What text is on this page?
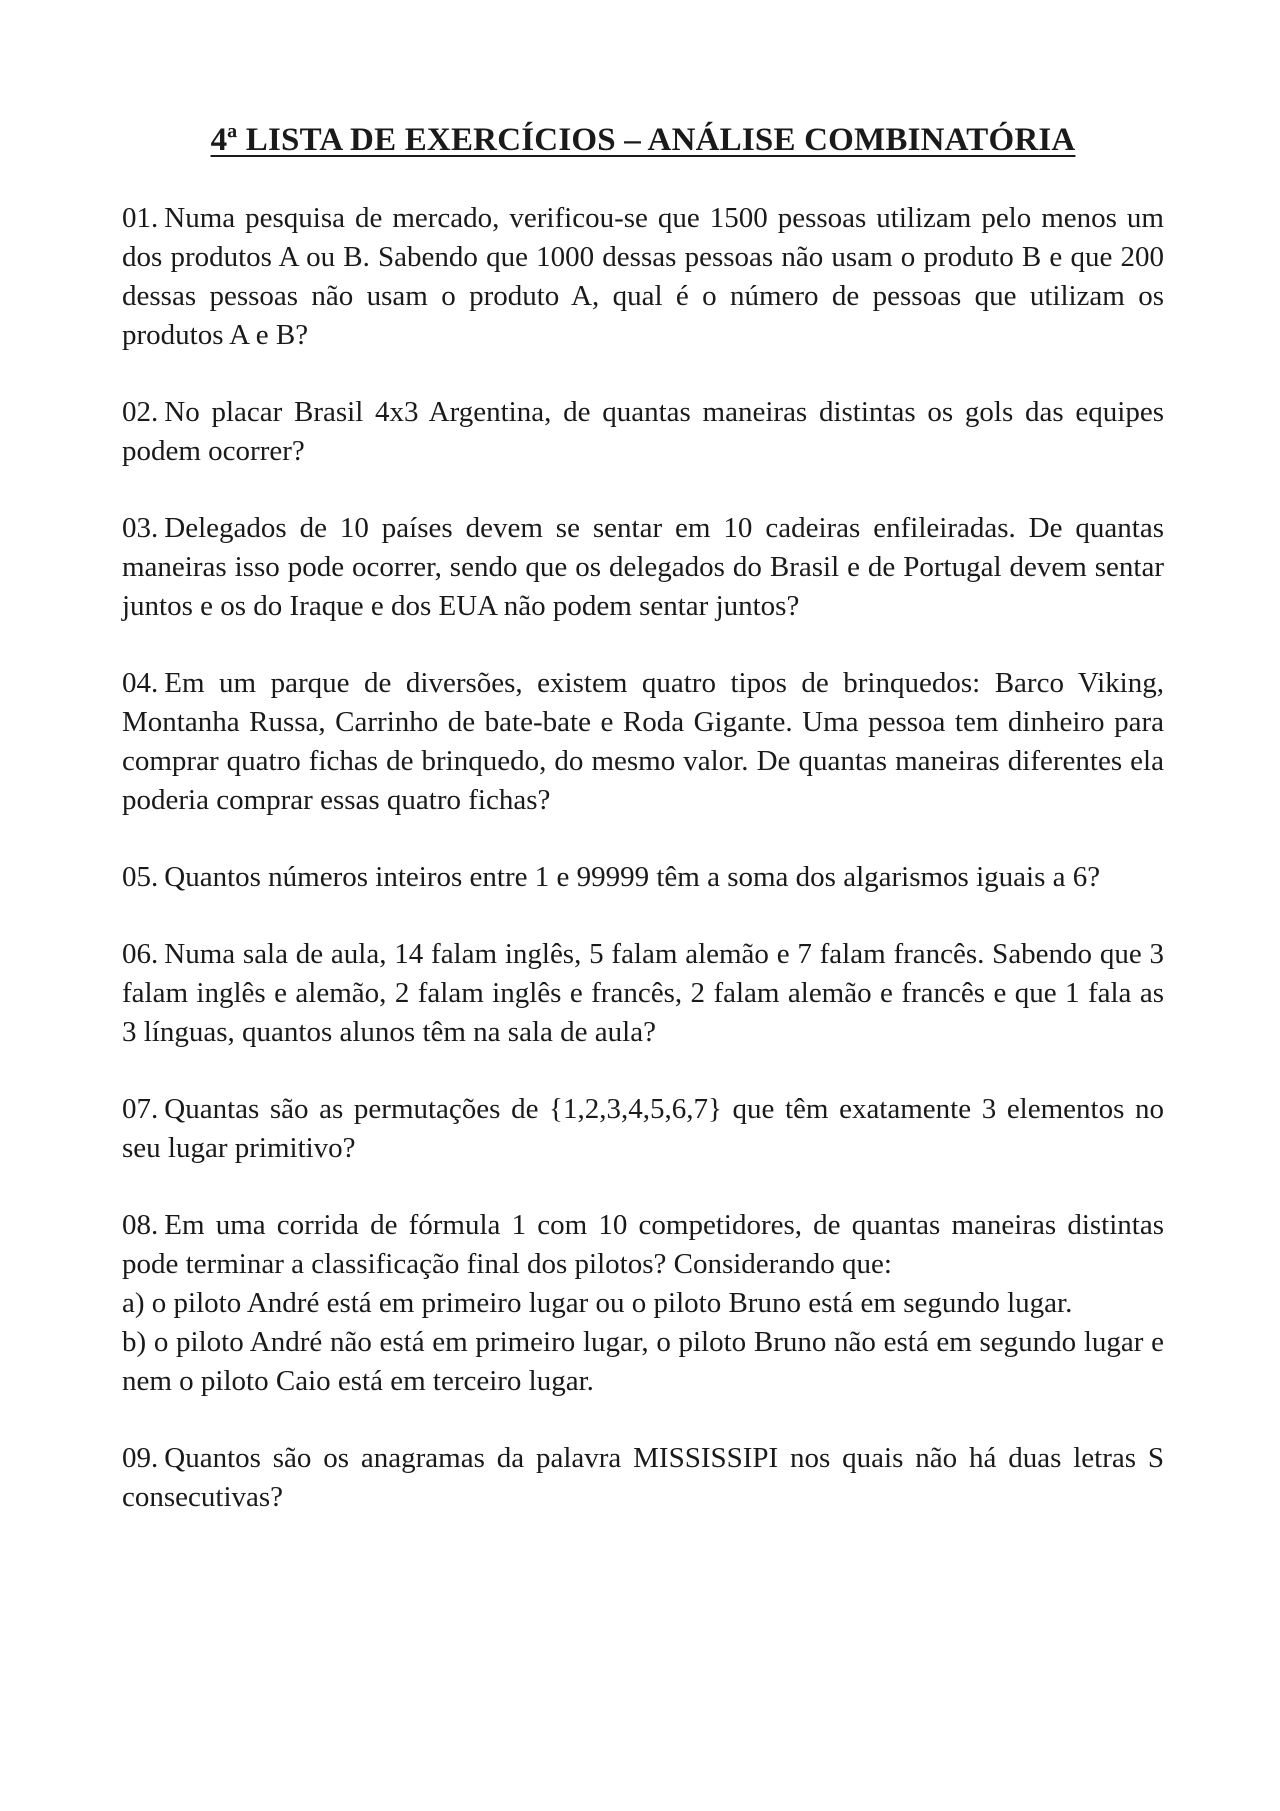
4ª LISTA DE EXERCÍCIOS – ANÁLISE COMBINATÓRIA
01. Numa pesquisa de mercado, verificou-se que 1500 pessoas utilizam pelo menos um dos produtos A ou B. Sabendo que 1000 dessas pessoas não usam o produto B e que 200 dessas pessoas não usam o produto A, qual é o número de pessoas que utilizam os produtos A e B?
02. No placar Brasil 4x3 Argentina, de quantas maneiras distintas os gols das equipes podem ocorrer?
03. Delegados de 10 países devem se sentar em 10 cadeiras enfileiradas. De quantas maneiras isso pode ocorrer, sendo que os delegados do Brasil e de Portugal devem sentar juntos e os do Iraque e dos EUA não podem sentar juntos?
04. Em um parque de diversões, existem quatro tipos de brinquedos: Barco Viking, Montanha Russa, Carrinho de bate-bate e Roda Gigante. Uma pessoa tem dinheiro para comprar quatro fichas de brinquedo, do mesmo valor. De quantas maneiras diferentes ela poderia comprar essas quatro fichas?
05. Quantos números inteiros entre 1 e 99999 têm a soma dos algarismos iguais a 6?
06. Numa sala de aula, 14 falam inglês, 5 falam alemão e 7 falam francês. Sabendo que 3 falam inglês e alemão, 2 falam inglês e francês, 2 falam alemão e francês e que 1 fala as 3 línguas, quantos alunos têm na sala de aula?
07. Quantas são as permutações de {1,2,3,4,5,6,7} que têm exatamente 3 elementos no seu lugar primitivo?

08. Em uma corrida de fórmula 1 com 10 competidores, de quantas maneiras distintas pode terminar a classificação final dos pilotos? Considerando que:

a) o piloto André está em primeiro lugar ou o piloto Bruno está em segundo lugar.

b) o piloto André não está em primeiro lugar, o piloto Bruno não está em segundo lugar e nem o piloto Caio está em terceiro lugar.

09. Quantos são os anagramas da palavra MISSISSIPI nos quais não há duas letras S consecutivas?
